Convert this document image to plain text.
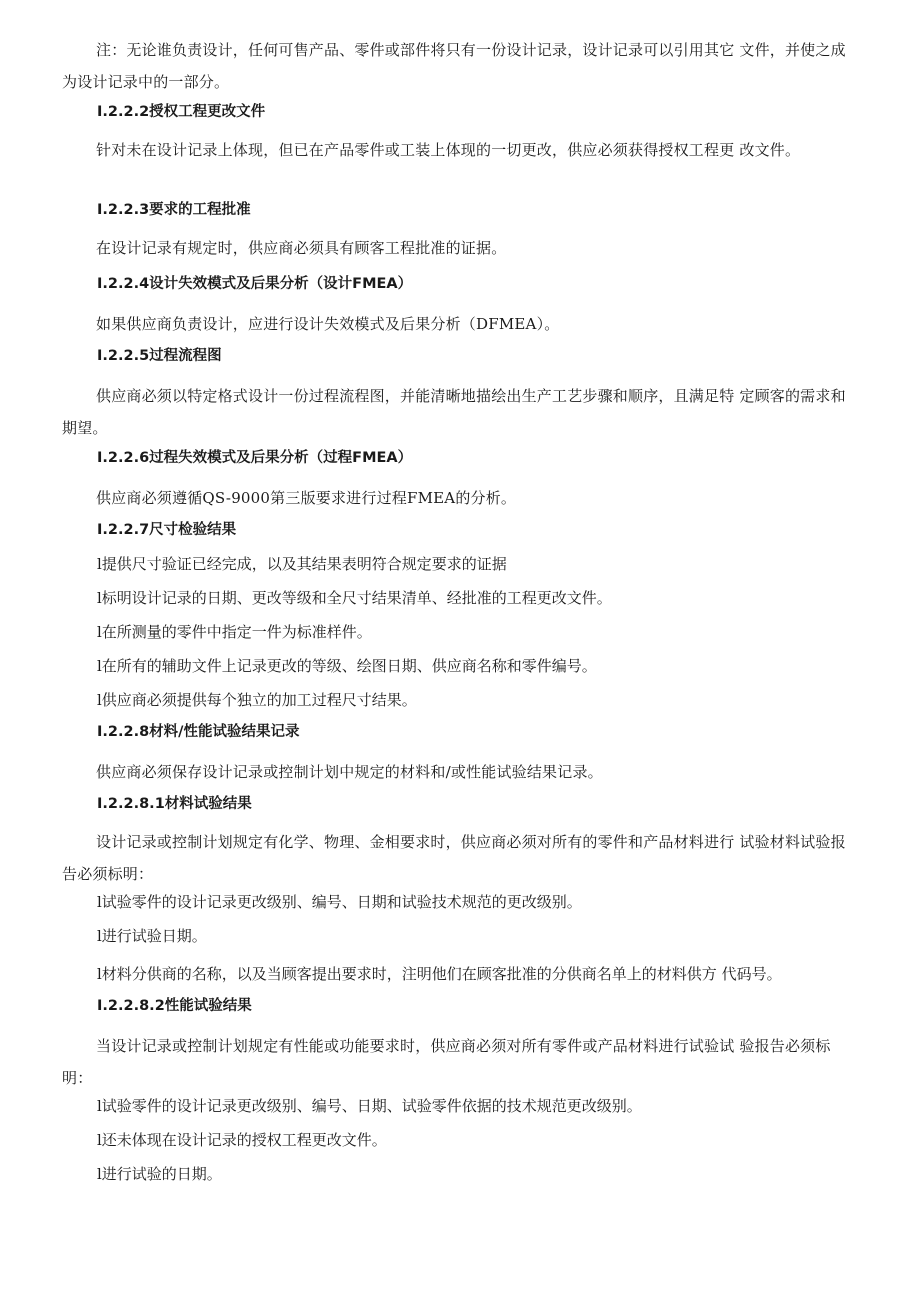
注：无论谁负责设计，任何可售产品、零件或部件将只有一份设计记录，设计记录可以引用其它 文件，并使之成为设计记录中的一部分。
I.2.2.2授权工程更改文件
针对未在设计记录上体现，但已在产品零件或工装上体现的一切更改，供应必须获得授权工程更 改文件。
I.2.2.3要求的工程批准
在设计记录有规定时，供应商必须具有顾客工程批准的证据。
I.2.2.4设计失效模式及后果分析（设计FMEA）
如果供应商负责设计，应进行设计失效模式及后果分析（DFMEA）。
I.2.2.5过程流程图
供应商必须以特定格式设计一份过程流程图，并能清晰地描绘出生产工艺步骤和顺序，且满足特 定顾客的需求和期望。
I.2.2.6过程失效模式及后果分析（过程FMEA）
供应商必须遵循QS-9000第三版要求进行过程FMEA的分析。
I.2.2.7尺寸检验结果
l提供尺寸验证已经完成，以及其结果表明符合规定要求的证据
l标明设计记录的日期、更改等级和全尺寸结果清单、经批准的工程更改文件。
l在所测量的零件中指定一件为标准样件。
l在所有的辅助文件上记录更改的等级、绘图日期、供应商名称和零件编号。
l供应商必须提供每个独立的加工过程尺寸结果。
I.2.2.8材料/性能试验结果记录
供应商必须保存设计记录或控制计划中规定的材料和/或性能试验结果记录。
I.2.2.8.1材料试验结果
设计记录或控制计划规定有化学、物理、金相要求时，供应商必须对所有的零件和产品材料进行 试验材料试验报告必须标明：
l试验零件的设计记录更改级别、编号、日期和试验技术规范的更改级别。
l进行试验日期。
l材料分供商的名称，以及当顾客提出要求时，注明他们在顾客批准的分供商名单上的材料供方 代码号。
I.2.2.8.2性能试验结果
当设计记录或控制计划规定有性能或功能要求时，供应商必须对所有零件或产品材料进行试验试 验报告必须标明：
l试验零件的设计记录更改级别、编号、日期、试验零件依据的技术规范更改级别。
l还未体现在设计记录的授权工程更改文件。
l进行试验的日期。
